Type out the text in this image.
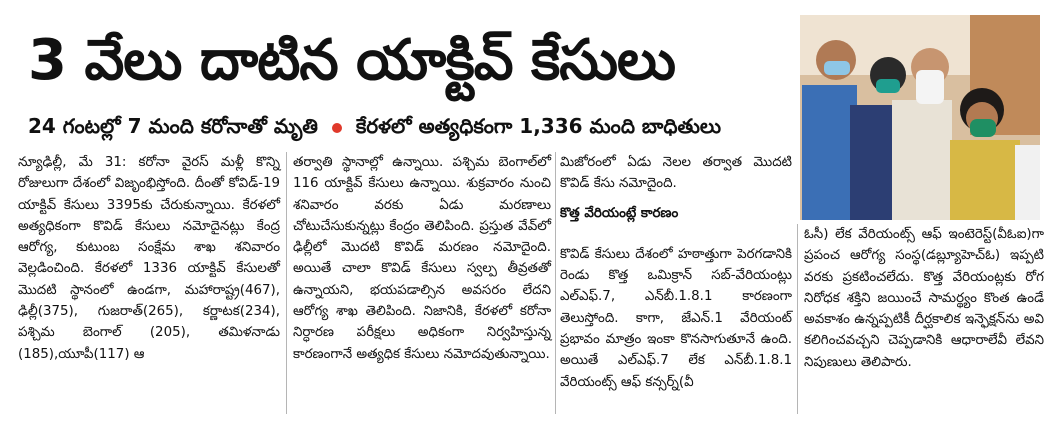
3 వేలు దాటిన యాక్టివ్ కేసులు
24 గంటల్లో 7 మంది కరోనాతో మృతి కేరళలో అత్యధికంగా 1,336 మంది బాధితులు

న్యూఢిల్లీ, మే 31: కరోనా వైరస్ మళ్లీ కొన్ని రోజులుగా దేశంలో విజృంభిస్తోంది. దీంతో కోవిడ్-19 యాక్టివ్ కేసులు 3395కు చేరుకున్నాయి. కేరళలో అత్యధికంగా కొవిడ్ కేసులు నమోదైనట్లు కేంద్ర ఆరోగ్య, కుటుంబ సంక్షేమ శాఖ శనివారం వెల్లడించింది. కేరళలో 1336 యాక్టివ్ కేసులతో మొదటి స్థానంలో ఉండగా, మహారాష్ట్ర(467), ఢిల్లీ(375), గుజరాత్(265), కర్ణాటక(234), పశ్చిమ బెంగాల్ (205), తమిళనాడు (185),యూపీ(117) ఆ

తర్వాతి స్థానాల్లో ఉన్నాయి. పశ్చిమ బెంగాల్‌లో 116 యాక్టివ్ కేసులు ఉన్నాయి. శుక్రవారం నుంచి శనివారం వరకు ఏడు మరణాలు చోటుచేసుకున్నట్లు కేంద్రం తెలిపింది. ప్రస్తుత వేవ్‌లో ఢిల్లీలో మొదటి కొవిడ్ మరణం నమోదైంది. అయితే చాలా కొవిడ్ కేసులు స్వల్ప తీవ్రతతో ఉన్నాయని, భయపడాల్సిన అవసరం లేదని ఆరోగ్య శాఖ తెలిపింది. నిజానికి, కేరళలో కరోనా నిర్ధారణ పరీక్షలు అధికంగా నిర్వహిస్తున్న కారణంగానే అత్యధిక కేసులు నమోదవుతున్నాయి.

మిజోరంలో ఏడు నెలల తర్వాత మొదటి కొవిడ్ కేసు నమోదైంది.

కొత్త వేరియంట్లే కారణం

కొవిడ్ కేసులు దేశంలో హఠాత్తుగా పెరగడానికి రెండు కొత్త ఒమిక్రాన్ సబ్-వేరియంట్లు ఎల్ఎఫ్.7, ఎన్‌బీ.1.8.1 కారణంగా తెలుస్తోంది. కాగా, జేఎన్.1 వేరియంట్ ప్రభావం మాత్రం ఇంకా కొనసాగుతూనే ఉంది. అయితే ఎల్ఎఫ్.7 లేక ఎన్‌బీ.1.8.1 వేరియంట్స్ ఆఫ్ కన్సర్న్(వీ

ఓసీ) లేక వేరియంట్స్ ఆఫ్ ఇంటెరెస్ట్(వీఓఐ)గా ప్రపంచ ఆరోగ్య సంస్థ(డబ్ల్యూహెచ్ఓ) ఇప్పటి వరకు ప్రకటించలేదు. కొత్త వేరియంట్లకు రోగ నిరోధక శక్తిని జయించే సామర్థ్యం కొంత ఉండే అవకాశం ఉన్నప్పటికీ దీర్ఘకాలిక ఇన్ఫెక్షన్‌ను అవి కలిగించవచ్చని చెప్పడానికి ఆధారాలేవీ లేవని నిపుణులు తెలిపారు.
